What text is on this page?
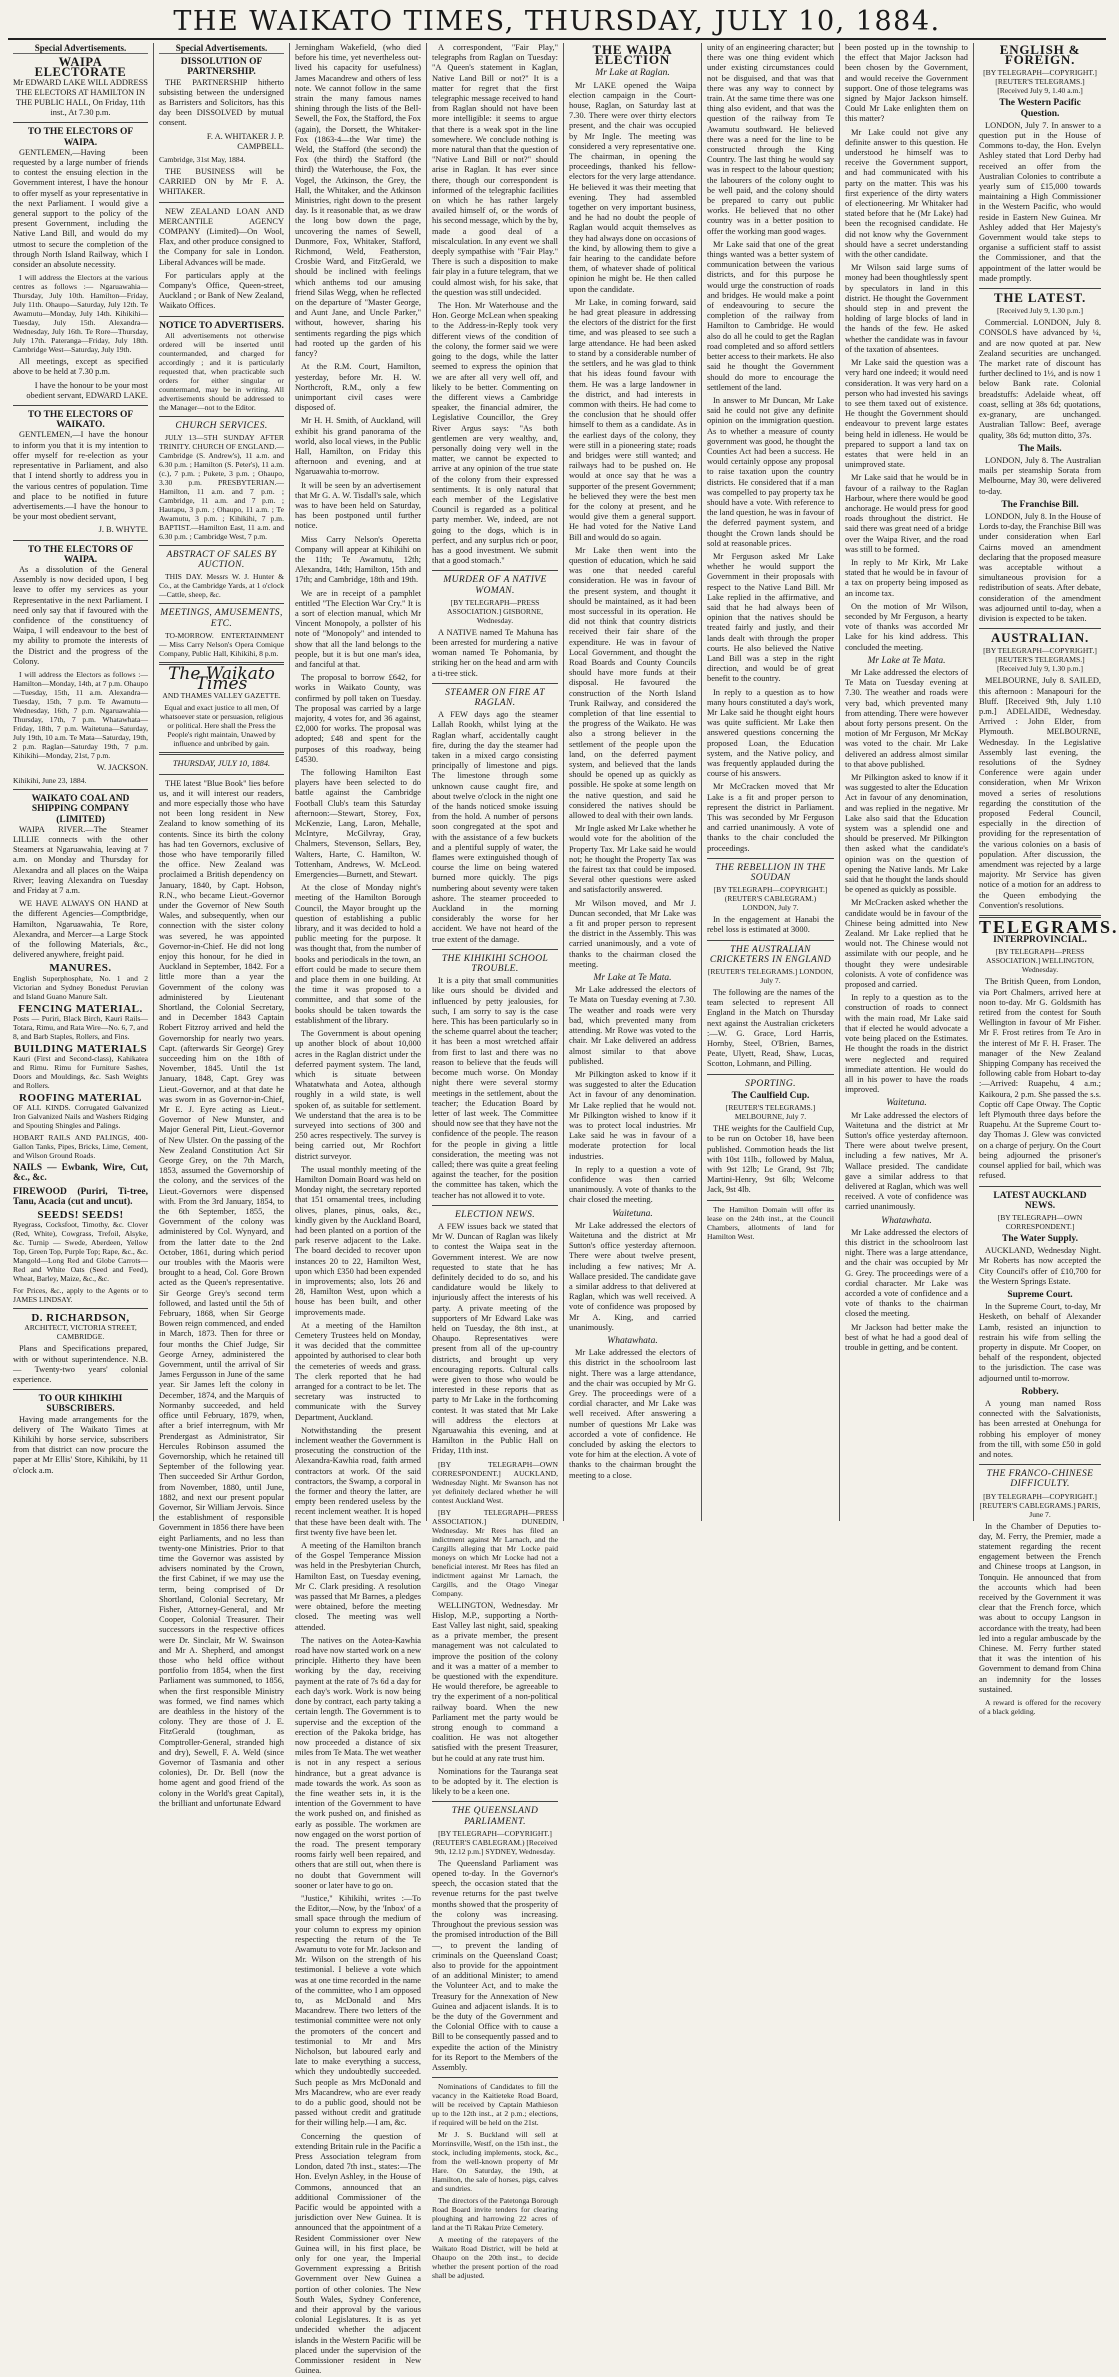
THE WAIKATO TIMES, THURSDAY, JULY 10, 1884.
Special Advertisements.
WAIPA ELECTORATE

Mr EDWARD LAKE WILL ADDRESS THE ELECTORS AT HAMILTON IN THE PUBLIC HALL, On Friday, 11th inst., At 7.30 p.m.

TO THE ELECTORS OF WAIPA.

GENTLEMEN,—Having been requested by a large number of friends to contest the ensuing election in the Government interest, I have the honour to offer myself as your representative in the next Parliament. I would give a general support to the policy of the present Government, including the Native Land Bill, and would do my utmost to secure the completion of the through North Island Railway, which I consider an absolute necessity.

I will address the Electors at the various centres as follows :— Ngaruawahia—Thursday, July 10th. Hamilton—Friday, July 11th. Ohaupo—Saturday, July 12th. Te Awamutu—Monday, July 14th. Kihikihi—Tuesday, July 15th. Alexandra—Wednesday, July 16th. Te Rore—Thursday, July 17th. Pateranga—Friday, July 18th. Cambridge West—Saturday, July 19th.

All meetings, except as specified above to be held at 7.30 p.m.

I have the honour to be your most obedient servant, EDWARD LAKE.

TO THE ELECTORS OF WAIKATO.

GENTLEMEN,—I have the honour to inform you that it is my intention to offer myself for re-election as your representative in Parliament, and also that I intend shortly to address you in the various centres of population. Time and place to be notified in future advertisements.—I have the honour to be your most obedient servant,

J. B. WHYTE.

TO THE ELECTORS OF WAIPA.

As a dissolution of the General Assembly is now decided upon, I beg leave to offer my services as your Representative in the next Parliament. I need only say that if favoured with the confidence of the constituency of Waipa, I will endeavour to the best of my ability to promote the interests of the District and the progress of the Colony.

I will address the Electors as follows :— Hamilton—Monday, 14th, at 7 p.m. Ohaupo—Tuesday, 15th, 11 a.m. Alexandra—Tuesday, 15th, 7 p.m. Te Awamutu—Wednesday, 16th, 7 p.m. Ngaruawahia—Thursday, 17th, 7 p.m. Whatawhata—Friday, 18th, 7 p.m. Waitetuna—Saturday, July 19th, 10 a.m. Te Mata—Saturday, 19th, 2 p.m. Raglan—Saturday 19th, 7 p.m. Kihikihi—Monday, 21st, 7 p.m.

W. JACKSON.

Kihikihi, June 23, 1884.

WAIKATO COAL AND SHIPPING COMPANY (LIMITED)

WAIPA RIVER.—The Steamer LILLIE connects with the other Steamers at Ngaruawahia, leaving at 7 a.m. on Monday and Thursday for Alexandra and all places on the Waipa River; leaving Alexandra on Tuesday and Friday at 7 a.m.

WE HAVE ALWAYS ON HAND at the different Agencies—Comptbridge, Hamilton, Ngaruawahia, Te Rore, Alexandra, and Mercer—a Large Stock of the following Materials, &c., delivered anywhere, freight paid.

MANURES.

English Superphosphate, No. 1 and 2 Victorian and Sydney Bonedust Peruvian and Island Guano Manure Salt.

FENCING MATERIAL.

Posts — Puriri, Black Birch, Kauri Rails—Totara, Rimu, and Rata Wire—No. 6, 7, and 8, and Barb Staples, Rollers, and Fins.

BUILDING MATERIALS

Kauri (First and Second-class), Kahikatea and Rimu. Rimu for Furniture Sashes, Doors and Mouldings, &c. Sash Weights and Rollers.

ROOFING MATERIAL

OF ALL KINDS. Corrugated Galvanized Iron Galvanized Nails and Washers Ridging and Spouting Shingles and Palings.

HOBART RAILS AND PALINGS, 400-Gallon Tanks, Pipes, Bricks, Lime, Cement, and Wilson Ground Roads.

NAILS — Ewbank, Wire, Cut, &c., &c.

FIREWOOD (Puriri, Ti-tree, Tanu, Acacia (cut and uncut).

SEEDS! SEEDS!

Ryegrass, Cocksfoot, Timothy, &c. Clover (Red, White), Cowgrass, Trefoil, Alsyke, &c. Turnip — Swede, Aberdeen, Yellow Top, Green Top, Purple Top; Rape, &c., &c. Mangold—Long Red and Globe Carrots—Red and White Oats (Seed and Feed), Wheat, Barley, Maize, &c., &c.

For Prices, &c., apply to the Agents or to JAMES LINDSAY.

D. RICHARDSON,

ARCHITECT, VICTORIA STREET, CAMBRIDGE.

Plans and Specifications prepared, with or without superintendence. N.B. — Twenty-two years' colonial experience.

TO OUR KIHIKIHI SUBSCRIBERS.

Having made arrangements for the delivery of The Waikato Times at Kihikihi by horse service, subscribers from that district can now procure the paper at Mr Ellis' Store, Kihikihi, by 11 o'clock a.m.

Special Advertisements.
DISSOLUTION OF PARTNERSHIP.

THE PARTNERSHIP hitherto subsisting between the undersigned as Barristers and Solicitors, has this day been DISSOLVED by mutual consent.

F. A. WHITAKER J. P. CAMPBELL.

Cambridge, 31st May, 1884.

THE BUSINESS will be CARRIED ON by Mr F. A. WHITAKER.

NEW ZEALAND LOAN AND MERCANTILE AGENCY COMPANY (Limited)—On Wool, Flax, and other produce consigned to the Company for sale in London. Liberal Advances will be made.

For particulars apply at the Company's Office, Queen-street, Auckland ; or Bank of New Zealand, Waikato Offices.

NOTICE TO ADVERTISERS.

All advertisements not otherwise ordered will be inserted until countermanded, and charged for accordingly ; and it is particularly requested that, when practicable such orders for either singular or countermand, may be in writing. All advertisements should be addressed to the Manager—not to the Editor.

CHURCH SERVICES.

JULY 13—5TH SUNDAY AFTER TRINITY. CHURCH OF ENGLAND.—Cambridge (S. Andrew's), 11 a.m. and 6.30 p.m. ; Hamilton (S. Peter's), 11 a.m. (c.), 7 p.m. ; Pukete, 3 p.m. ; Ohaupo, 3.30 p.m. PRESBYTERIAN.—Hamilton, 11 a.m. and 7 p.m. ; Cambridge, 11 a.m. and 7 p.m. ; Hautapu, 3 p.m. ; Ohaupo, 11 a.m. ; Te Awamutu, 3 p.m. ; Kihikihi, 7 p.m. BAPTIST.—Hamilton East, 11 a.m. and 6.30 p.m. ; Cambridge West, 7 p.m.

ABSTRACT OF SALES BY AUCTION.

THIS DAY. Messrs W. J. Hunter & Co., at the Cambridge Yards, at 1 o'clock—Cattle, sheep, &c.

MEETINGS, AMUSEMENTS, ETC.

TO-MORROW. ENTERTAINMENT — Miss Carry Nelson's Opera Comique Company, Public Hall, Kihikihi, 8 p.m.

The Waikato Times

AND THAMES VALLEY GAZETTE.

Equal and exact justice to all men, Of whatsoever state or persuasion, religious or political. Here shall the Press the People's right maintain, Unawed by influence and unbribed by gain.

THURSDAY, JULY 10, 1884.

THE latest "Blue Book" lies before us, and it will interest our readers, and more especially those who have not been long resident in New Zealand to know something of its contents. Since its birth the colony has had ten Governors, exclusive of those who have temporarily filled the office. New Zealand was proclaimed a British dependency on January, 1840, by Capt. Hobson, R.N., who became Lieut.-Governor under the Governor of New South Wales, and subsequently, when our connection with the sister colony was severed, he was appointed Governor-in-Chief. He did not long enjoy this honour, for he died in Auckland in September, 1842. For a little more than a year the Government of the colony was administered by Lieutenant Shortland, the Colonial Secretary, and in December 1843 Captain Robert Fitzroy arrived and held the Governorship for nearly two years. Capt. (afterwards Sir George) Grey succeeding him on the 18th of November, 1845. Until the 1st January, 1848, Capt. Grey was Lieut.-Governor, and at that date he was sworn in as Governor-in-Chief, Mr E. J. Eyre acting as Lieut.-Governor of New Munster, and Major General Pitt, Lieut.-Governor of New Ulster. On the passing of the New Zealand Constitution Act Sir George Grey, on the 7th March, 1853, assumed the Governorship of the colony, and the services of the Lieut.-Governors were dispensed with. From the 3rd January, 1854, to the 6th September, 1855, the Government of the colony was administered by Col. Wynyard, and from the latter date to the 2nd October, 1861, during which period our troubles with the Maoris were brought to a head, Col. Gore Brown acted as the Queen's representative. Sir George Grey's second term followed, and lasted until the 5th of February, 1868, when Sir George Bowen reign commenced, and ended in March, 1873. Then for three or four months the Chief Judge, Sir George Arney, administered the Government, until the arrival of Sir James Fergusson in June of the same year. Sir James left the colony in December, 1874, and the Marquis of Normanby succeeded, and held office until February, 1879, when, after a brief interregnum, with Mr Prendergast as Administrator, Sir Hercules Robinson assumed the Governorship, which he retained till September of the following year. Then succeeded Sir Arthur Gordon, from November, 1880, until June, 1882, and next our present popular Governor, Sir William Jervois. Since the establishment of responsible Government in 1856 there have been eight Parliaments, and no less than twenty-one Ministries. Prior to that time the Governor was assisted by advisers nominated by the Crown, the first Cabinet, if we may use the term, being comprised of Dr Shortland, Colonial Secretary, Mr Fisher, Attorney-General, and Mr Cooper, Colonial Treasurer. Their successors in the respective offices were Dr. Sinclair, Mr W. Swainson and Mr A. Shepherd, and amongst those who held office without portfolio from 1854, when the first Parliament was summoned, to 1856, when the first responsible Ministry was formed, we find names which are deathless in the history of the colony. They are those of J. E. FitzGerald (toughman, as Comptroller-General, stranded high and dry), Sewell, F. A. Weld (since Governor of Tasmania and other colonies), Dr. Dr. Bell (now the home agent and good friend of the colony in the World's great Capital), the brilliant and unfortunate Edward

Jerningham Wakefield, (who died before his time, yet nevertheless out-lived his capacity for usefulness) James Macandrew and others of less note. We cannot follow in the same strain the many famous names shining through the lists of the Bell-Sewell, the Fox, the Stafford, the Fox (again), the Dorsett, the Whitaker-Fox (1863-4—the War time) the Weld, the Stafford (the second) the Fox (the third) the Stafford (the third) the Waterhouse, the Fox, the Vogel, the Atkinson, the Grey, the Hall, the Whitaker, and the Atkinson Ministries, right down to the present day. Is it reasonable that, as we draw the long bow down the page, uncovering the names of Sewell, Dunmore, Fox, Whitaker, Stafford, Richmond, Weld, Featherston, Crosbie Ward, and FitzGerald, we should be inclined with feelings which anthems tod our amusing friend Silas Wegg, when he reflected on the departure of "Master George, and Aunt Jane, and Uncle Parker," without, however, sharing his sentiments regarding the pigs which had rooted up the garden of his fancy?

At the R.M. Court, Hamilton, yesterday, before Mr. H. W. Northcroft, R.M., only a few unimportant civil cases were disposed of.

Mr H. H. Smith, of Auckland, will exhibit his grand panorama of the world, also local views, in the Public Hall, Hamilton, on Friday this afternoon and evening, and at Ngaruawahia to-morrow.

It will be seen by an advertisement that Mr G. A. W. Tisdall's sale, which was to have been held on Saturday, has been postponed until further notice.

Miss Carry Nelson's Operetta Company will appear at Kihikihi on the 11th; Te Awamutu, 12th; Alexandra, 14th; Hamilton, 15th and 17th; and Cambridge, 18th and 19th.

We are in receipt of a pamphlet entitled "The Election War Cry." It is a sort of election manual, which Mr Vincent Monopoly, a pollster of his note of "Monopoly" and intended to show that all the land belongs to the people, but it is but one man's idea, and fanciful at that.

The proposal to borrow £642, for works in Waikato County, was confirmed by poll taken on Tuesday. The proposal was carried by a large majority, 4 votes for, and 36 against, £2,000 for works. The proposal was adopted; £48 and spent for the purposes of this roadway, being £4530.

The following Hamilton East players have been selected to do battle against the Cambridge Football Club's team this Saturday afternoon:—Stewart, Storey, Fox, McKenzie, Lang, Laron, Mehalle, McIntyre, McGilvray, Gray, Chalmers, Stevenson, Sellars, Bey, Walters, Harte, C. Hamilton, W. Tottenham, Andrews, W. McLeod. Emergencies—Burnett, and Stewart.

At the close of Monday night's meeting of the Hamilton Borough Council, the Mayor brought up the question of establishing a public library, and it was decided to hold a public meeting for the purpose. It was thought that, from the number of books and periodicals in the town, an effort could be made to secure them and place them in one building. At the time it was proposed to a committee, and that some of the books should be taken towards the establishment of the library.

The Government is about opening up another block of about 10,000 acres in the Raglan district under the deferred payment system. The land, which is situate between Whatatwhata and Aotea, although roughly in a wild state, is well spoken of, as suitable for settlement. We understand that the area is to be surveyed into sections of 300 and 250 acres respectively. The survey is being carried out, Mr Rochfort district surveyor.

The usual monthly meeting of the Hamilton Domain Board was held on Monday night, the secretary reported that 151 ornamental trees, including olives, planes, pinus, oaks, &c., kindly given by the Auckland Board, had been planted on a portion of the park reserve adjacent to the Lake. The board decided to recover upon instances 20 to 22, Hamilton West, upon which £350 had been expended in improvements; also, lots 26 and 28, Hamilton West, upon which a house has been built, and other improvements made.

At a meeting of the Hamilton Cemetery Trustees held on Monday, it was decided that the committee appointed by authorised to clear both the cemeteries of weeds and grass. The clerk reported that he had arranged for a contract to be let. The secretary was instructed to communicate with the Survey Department, Auckland.

Notwithstanding the present inclement weather the Government is prosecuting the construction of the Alexandra-Kawhia road, faith armed contractors at work. Of the said contractors, the Swamp, a corporal in the former and theory the latter, are empty been rendered useless by the recent inclement weather. It is hoped that these have been dealt with. The first twenty five have been let.

A meeting of the Hamilton branch of the Gospel Temperance Mission was held in the Presbyterian Church, Hamilton East, on Tuesday evening, Mr C. Clark presiding. A resolution was passed that Mr Barnes, a pledges were obtained, before the meeting closed. The meeting was well attended.

The natives on the Aotea-Kawhia road have now started work on a new principle. Hitherto they have been working by the day, receiving payment at the rate of 7s 6d a day for each day's work. Work is now being done by contract, each party taking a certain length. The Government is to supervise and the exception of the erection of the Pakoka bridge, has now proceeded a distance of six miles from Te Mata. The wet weather is not in any respect a serious hindrance, but a great advance is made towards the work. As soon as the fine weather sets in, it is the intention of the Government to have the work pushed on, and finished as early as possible. The workmen are now engaged on the worst portion of the road. The present temporary rooms fairly well been repaired, and others that are still out, when there is no doubt that Government will sooner or later have to go on.

"Justice," Kihikihi, writes :—To the Editor,—Now, by the 'Inbox' of a small space through the medium of your column to express my opinion respecting the return of the Te Awamutu to vote for Mr. Jackson and Mr. Wilson on the strength of his testimonial. I believe a vote which was at one time recorded in the name of the committee, who I am opposed to, as McDonald and Mrs Macandrew. There two letters of the testimonial committee were not only the promoters of the concert and testimonial to Mr and Mrs Nicholson, but laboured early and late to make everything a success, which they undoubtedly succeeded. Such people as Mrs McDonald and Mrs Macandrew, who are ever ready to do a public good, should not be passed without credit and gratitude for their willing help.—I am, &c.

Concerning the question of extending Britain rule in the Pacific a Press Association telegram from London, dated 7th inst., states:—The Hon. Evelyn Ashley, in the House of Commons, announced that an additional Commissioner of the Pacific would be appointed with a jurisdiction over New Guinea. It is announced that the appointment of a Resident Commissioner over New Guinea will, in his first place, be only for one year, the Imperial Government expressing a British Government over New Guinea a portion of other colonies. The New South Wales, Sydney Conference, and their approval by the various colonial Legislatures. It is as yet undecided whether the adjacent islands in the Western Pacific will be placed under the supervision of the Commissioner resident in New Guinea.

A correspondent, "Fair Play," telegraphs from Raglan on Tuesday: "A Queen's statement in Kaglan, Native Land Bill or not?" It is a matter for regret that the first telegraphic message received to hand from Raglan should not have been more intelligible: it seems to argue that there is a weak spot in the line somewhere. We conclude nothing is more natural than that the question of "Native Land Bill or not?" should arise in Raglan. It has ever since there, though our correspondent is informed of the telegraphic facilities on which he has rather largely availed himself of, or the words of his second message, which by the by, made a good deal of a miscalculation. In any event we shall deeply sympathise with "Fair Play." There is such a disposition to make fair play in a future telegram, that we could almost wish, for his sake, that the question was still undecided.

The Hon. Mr Waterhouse and the Hon. George McLean when speaking to the Address-in-Reply took very different views of the condition of the colony, the former said we were going to the dogs, while the latter seemed to express the opinion that we are after all very well off, and likely to be better. Commenting on the different views a Cambridge speaker, the financial admirer, the Legislative Councillor, the Grey River Argus says: "As both gentlemen are very wealthy, and, personally doing very well in the matter, we cannot be expected to arrive at any opinion of the true state of the colony from their expressed sentiments. It is only natural that each member of the Legislative Council is regarded as a political party member. We, indeed, are not going to the dogs, which is in perfect, and any surplus rich or poor, has a good investment. We submit that a good stomach."

MURDER OF A NATIVE WOMAN.

[BY TELEGRAPH—PRESS ASSOCIATION.] GISBORNE, Wednesday.

A NATIVE named Te Mahuna has been arrested for murdering a native woman named Te Pohomania, by striking her on the head and arm with a ti-tree stick.

STEAMER ON FIRE AT RAGLAN.

A FEW days ago the steamer Lallah Rookh, whilst lying at the Raglan wharf, accidentally caught fire, during the day the steamer had taken in a mixed cargo consisting principally of limestone and pigs. The limestone through some unknown cause caught fire, and about twelve o'clock in the night one of the hands noticed smoke issuing from the hold. A number of persons soon congregated at the spot and with the assistance of a few buckets and a plentiful supply of water, the flames were extinguished though of course the lime on being watered burned more quickly. The pigs numbering about seventy were taken ashore. The steamer proceeded to Auckland in the morning considerably the worse for her accident. We have not heard of the true extent of the damage.

THE KIHIKIHI SCHOOL TROUBLE.

It is a pity that small communities like ours should be divided and influenced by petty jealousies, for such, I am sorry to say is the case here. This has been particularly so in the scheme quarrel about the teacher; it has been a most wretched affair from first to last and there was no reason to believe that the feuds will become much worse. On Monday night there were several stormy meetings in the settlement, about the teacher; the Education Board by letter of last week. The Committee should now see that they have not the confidence of the people. The reason for the people in giving a little consideration, the meeting was not called; there was quite a great feeling against the teacher, for the position the committee has taken, which the teacher has not allowed it to vote.

ELECTION NEWS.

A FEW issues back we stated that Mr W. Duncan of Raglan was likely to contest the Waipa seat in the Government interest. We are now requested to state that he has definitely decided to do so, and his candidature would be likely to injuriously affect the interests of his party. A private meeting of the supporters of Mr Edward Lake was held on Tuesday, the 8th inst., at Ohaupo. Representatives were present from all of the up-country districts, and brought up very encouraging reports. Cultural calls were given to those who would be interested in these reports that as party to Mr Lake in the forthcoming contest. It was stated that Mr Lake will address the electors at Ngaruawahia this evening, and at Hamilton in the Public Hall on Friday, 11th inst.

[BY TELEGRAPH—OWN CORRESPONDENT.] AUCKLAND, Wednesday Night. Mr Swanson has not yet definitely declared whether he will contest Auckland West.

[BY TELEGRAPH—PRESS ASSOCIATION.] DUNEDIN, Wednesday. Mr Rees has filed an indictment against Mr Larnach, and the Cargills alleging that Mr Locke paid moneys on which Mr Locke had not a beneficial interest. Mr Rees has filed an indictment against Mr Larnach, the Cargills, and the Otago Vinegar Company.

WELLINGTON, Wednesday. Mr Hislop, M.P., supporting a North-East Valley last night, said, speaking as a private member, the present management was not calculated to improve the position of the colony and it was a matter of a member to be questioned with the expenditure. He would therefore, be agreeable to try the experiment of a non-political railway board. When the new Parliament met the party would be strong enough to command a coalition. He was not altogether satisfied with the present Treasurer, but he could at any rate trust him.

Nominations for the Tauranga seat to be adopted by it. The election is likely to be a keen one.

THE QUEENSLAND PARLIAMENT.

[BY TELEGRAPH—COPYRIGHT.] (REUTER'S CABLEGRAM.) [Received 9th, 12.12 p.m.] SYDNEY, Wednesday.

The Queensland Parliament was opened to-day. In the Governor's speech, the occasion stated that the revenue returns for the past twelve months showed that the prosperity of the colony was increasing. Throughout the previous session was the promised introduction of the Bill—, to prevent the landing of criminals on the Queensland Coast; also to provide for the appointment of an additional Minister; to amend the Volunteer Act, and to make the Treasury for the Annexation of New Guinea and adjacent islands. It is to be the duty of the Government and the Colonial Office with to cause a Bill to be consequently passed and to expedite the action of the Ministry for its Report to the Members of the Assembly.

Nominations of Candidates to fill the vacancy in the Kaitieteke Road Board, will be received by Captain Mathieson up to the 12th inst., at 2 p.m.; elections, if required will be held on the 21st.

Mr J. S. Buckland will sell at Morrinsville, Westf, on the 15th inst., the stock, including implements, stock, &c., from the well-known property of Mr Hare. On Saturday, the 19th, at Hamilton, the sale of horses, pigs, calves and sundries.

The directors of the Patetonga Borough Road Board invite tenders for clearing ploughing and harrowing 22 acres of land at the Ti Rakau Prize Cemetery.

A meeting of the ratepayers of the Waikato Road District, will be held at Ohaupo on the 20th inst., to decide whether the present portion of the road shall be adjusted.

THE WAIPA ELECTION
Mr Lake at Raglan.

Mr LAKE opened the Waipa election campaign in the Court-house, Raglan, on Saturday last at 7.30. There were over thirty electors present, and the chair was occupied by Mr Ingle. The meeting was considered a very representative one. The chairman, in opening the proceedings, thanked his fellow-electors for the very large attendance. He believed it was their meeting that evening. They had assembled together on very important business, and he had no doubt the people of Raglan would acquit themselves as they had always done on occasions of the kind, by allowing them to give a fair hearing to the candidate before them, of whatever shade of political opinion he might be. He then called upon the candidate.

Mr Lake, in coming forward, said he had great pleasure in addressing the electors of the district for the first time, and was pleased to see such a large attendance. He had been asked to stand by a considerable number of the settlers, and he was glad to think that his ideas found favour with them. He was a large landowner in the district, and had interests in common with theirs. He had come to the conclusion that he should offer himself to them as a candidate. As in the earliest days of the colony, they were still in a pioneering state; roads and bridges were still wanted; and railways had to be pushed on. He would at once say that he was a supporter of the present Government; he believed they were the best men for the colony at present, and he would give them a general support. He had voted for the Native Land Bill and would do so again.

Mr Lake then went into the question of education, which he said was one that needed careful consideration. He was in favour of the present system, and thought it should be maintained, as it had been most successful in its operation. He did not think that country districts received their fair share of the expenditure. He was in favour of Local Government, and thought the Road Boards and County Councils should have more funds at their disposal. He favoured the construction of the North Island Trunk Railway, and considered the completion of that line essential to the progress of the Waikato. He was also a strong believer in the settlement of the people upon the land, on the deferred payment system, and believed that the lands should be opened up as quickly as possible. He spoke at some length on the native question, and said he considered the natives should be allowed to deal with their own lands.

Mr Ingle asked Mr Lake whether he would vote for the abolition of the Property Tax. Mr Lake said he would not; he thought the Property Tax was the fairest tax that could be imposed. Several other questions were asked and satisfactorily answered.

Mr Wilson moved, and Mr J. Duncan seconded, that Mr Lake was a fit and proper person to represent the district in the Assembly. This was carried unanimously, and a vote of thanks to the chairman closed the meeting.

Mr Lake at Te Mata.

Mr Lake addressed the electors of Te Mata on Tuesday evening at 7.30. The weather and roads were very bad, which prevented many from attending. Mr Rowe was voted to the chair. Mr Lake delivered an address almost similar to that above published.

Mr Pilkington asked to know if it was suggested to alter the Education Act in favour of any denomination. Mr Lake replied that he would not. Mr Pilkington wished to know if it was to protect local industries. Mr Lake said he was in favour of a moderate protection for local industries.

In reply to a question a vote of confidence was then carried unanimously. A vote of thanks to the chair closed the meeting.

Waitetuna.

Mr Lake addressed the electors of Waitetuna and the district at Mr Sutton's office yesterday afternoon. There were about twelve present, including a few natives; Mr A. Wallace presided. The candidate gave a similar address to that delivered at Raglan, which was well received. A vote of confidence was proposed by Mr A. King, and carried unanimously.

Whatawhata.

Mr Lake addressed the electors of this district in the schoolroom last night. There was a large attendance, and the chair was occupied by Mr G. Grey. The proceedings were of a cordial character, and Mr Lake was well received. After answering a number of questions Mr Lake was accorded a vote of confidence. He concluded by asking the electors to vote for him at the election. A vote of thanks to the chairman brought the meeting to a close.

unity of an engineering character; but there was one thing evident which under existing circumstances could not be disguised, and that was that there was any way to connect by train. At the same time there was one thing also evident, and that was the question of the railway from Te Awamutu southward. He believed there was a need for the line to be constructed through the King Country. The last thing he would say was in respect to the labour question; the labourers of the colony ought to be well paid, and the colony should be prepared to carry out public works. He believed that no other country was in a better position to offer the working man good wages.

Mr Lake said that one of the great things wanted was a better system of communication between the various districts, and for this purpose he would urge the construction of roads and bridges. He would make a point of endeavouring to secure the completion of the railway from Hamilton to Cambridge. He would also do all he could to get the Raglan road completed and so afford settlers better access to their markets. He also said he thought the Government should do more to encourage the settlement of the land.

In answer to Mr Duncan, Mr Lake said he could not give any definite opinion on the immigration question. As to whether a measure of county government was good, he thought the Counties Act had been a success. He would certainly oppose any proposal to raise taxation upon the country districts. He considered that if a man was compelled to pay property tax he should have a vote. With reference to the land question, he was in favour of the deferred payment system, and thought the Crown lands should be sold at reasonable prices.

Mr Ferguson asked Mr Lake whether he would support the Government in their proposals with respect to the Native Land Bill. Mr Lake replied in the affirmative, and said that he had always been of opinion that the natives should be treated fairly and justly, and their lands dealt with through the proper courts. He also believed the Native Land Bill was a step in the right direction, and would be of great benefit to the country.

In reply to a question as to how many hours constituted a day's work, Mr Lake said he thought eight hours was quite sufficient. Mr Lake then answered questions concerning the proposed Loan, the Education system, and the Native policy, and was frequently applauded during the course of his answers.

Mr McCracken moved that Mr Lake is a fit and proper person to represent the district in Parliament. This was seconded by Mr Ferguson and carried unanimously. A vote of thanks to the chair concluded the proceedings.

THE REBELLION IN THE SOUDAN

[BY TELEGRAPH—COPYRIGHT.] (REUTER'S CABLEGRAM.) LONDON, July 7.

In the engagement at Hanabi the rebel loss is estimated at 3000.

THE AUSTRALIAN CRICKETERS IN ENGLAND

[REUTER'S TELEGRAMS.] LONDON, July 7.

The following are the names of the team selected to represent All England in the Match on Thursday next against the Australian cricketers :—W. G. Grace, Lord Harris, Hornby, Steel, O'Brien, Barnes, Peate, Ulyett, Read, Shaw, Lucas, Scotton, Lohmann, and Pilling.

SPORTING.
The Caulfield Cup.

[REUTER'S TELEGRAMS.] MELBOURNE, July 7.

THE weights for the Caulfield Cup, to be run on October 18, have been published. Commotion heads the list with 10st 11lb., followed by Malua, with 9st 12lb; Le Grand, 9st 7lb; Martini-Henry, 9st 6lb; Welcome Jack, 9st 4lb.

The Hamilton Domain will offer its lease on the 24th inst., at the Council Chambers, allotments of land for Hamilton West.

been posted up in the township to the effect that Major Jackson had been chosen by the Government, and would receive the Government support. One of those telegrams was signed by Major Jackson himself. Could Mr Lake enlighten them on this matter?

Mr Lake could not give any definite answer to this question. He understood he himself was to receive the Government support, and had communicated with his party on the matter. This was his first experience of the dirty waters of electioneering. Mr Whitaker had stated before that he (Mr Lake) had been the recognised candidate. He did not know why the Government should have a secret understanding with the other candidate.

Mr Wilson said large sums of money had been thoughtlessly spent by speculators in land in this district. He thought the Government should step in and prevent the holding of large blocks of land in the hands of the few. He asked whether the candidate was in favour of the taxation of absentees.

Mr Lake said the question was a very hard one indeed; it would need consideration. It was very hard on a person who had invested his savings to see them taxed out of existence. He thought the Government should endeavour to prevent large estates being held in idleness. He would be prepared to support a land tax on estates that were held in an unimproved state.

Mr Lake said that he would be in favour of a railway to the Raglan Harbour, where there would be good anchorage. He would press for good roads throughout the district. He said there was great need of a bridge over the Waipa River, and the road was still to be formed.

In reply to Mr Kirk, Mr Lake stated that he would be in favour of a tax on property being imposed as an income tax.

On the motion of Mr Wilson, seconded by Mr Ferguson, a hearty vote of thanks was accorded Mr Lake for his kind address. This concluded the meeting.

Mr Lake at Te Mata.

Mr Lake addressed the electors of Te Mata on Tuesday evening at 7.30. The weather and roads were very bad, which prevented many from attending. There were however about forty persons present. On the motion of Mr Ferguson, Mr McKay was voted to the chair. Mr Lake delivered an address almost similar to that above published.

Mr Pilkington asked to know if it was suggested to alter the Education Act in favour of any denomination, and was replied in the negative. Mr Lake also said that the Education system was a splendid one and should be preserved. Mr Pilkington then asked what the candidate's opinion was on the question of opening the Native lands. Mr Lake said that he thought the lands should be opened as quickly as possible.

Mr McCracken asked whether the candidate would be in favour of the Chinese being admitted into New Zealand. Mr Lake replied that he would not. The Chinese would not assimilate with our people, and he thought they were undesirable colonists. A vote of confidence was proposed and carried.

In reply to a question as to the construction of roads to connect with the main road, Mr Lake said that if elected he would advocate a vote being placed on the Estimates. He thought the roads in the district were neglected and required immediate attention. He would do all in his power to have the roads improved.

Waitetuna.

Mr Lake addressed the electors of Waitetuna and the district at Mr Sutton's office yesterday afternoon. There were about twelve present, including a few natives, Mr A. Wallace presided. The candidate gave a similar address to that delivered at Raglan, which was well received. A vote of confidence was carried unanimously.

Whatawhata.

Mr Lake addressed the electors of this district in the schoolroom last night. There was a large attendance, and the chair was occupied by Mr G. Grey. The proceedings were of a cordial character. Mr Lake was accorded a vote of confidence and a vote of thanks to the chairman closed the meeting.

Mr Jackson had better make the best of what he had a good deal of trouble in getting, and be content.

ENGLISH & FOREIGN.

[BY TELEGRAPH—COPYRIGHT.] [REUTER'S TELEGRAMS.] [Received July 9, 1.40 a.m.]

The Western Pacific Question.

LONDON, July 7. In answer to a question put in the House of Commons to-day, the Hon. Evelyn Ashley stated that Lord Derby had received an offer from the Australian Colonies to contribute a yearly sum of £15,000 towards maintaining a High Commissioner in the Western Pacific, who would reside in Eastern New Guinea. Mr Ashley added that Her Majesty's Government would take steps to organise a sufficient staff to assist the Commissioner, and that the appointment of the latter would be made promptly.

THE LATEST.

[Received July 9, 1.30 p.m.]

Commercial. LONDON, July 8. CONSOLS have advanced by ¼, and are now quoted at par. New Zealand securities are unchanged. The market rate of discount has further declined to 1½, and is now 1 below Bank rate. Colonial breadstuffs: Adelaide wheat, off coast, selling at 38s 6d; quotations, ex-granary, are unchanged. Australian Tallow: Beef, average quality, 38s 6d; mutton ditto, 37s.

The Mails.

LONDON, July 8. The Australian mails per steamship Sorata from Melbourne, May 30, were delivered to-day.

The Franchise Bill.

LONDON, July 8. In the House of Lords to-day, the Franchise Bill was under consideration when Earl Cairns moved an amendment declaring that the proposed measure was acceptable without a simultaneous provision for a redistribution of seats. After debate, consideration of the amendment was adjourned until to-day, when a division is expected to be taken.

AUSTRALIAN.

[BY TELEGRAPH—COPYRIGHT.] [REUTER'S TELEGRAMS.] [Received July 9, 1.30 p.m.]

MELBOURNE, July 8. SAILED, this afternoon : Manapouri for the Bluff. [Received 9th, July 1.10 p.m.] ADELAIDE, Wednesday. Arrived : John Elder, from Plymouth. MELBOURNE, Wednesday. In the Legislative Assembly last evening, the resolutions of the Sydney Conference were again under consideration, when Mr Wrixon moved a series of resolutions regarding the constitution of the proposed Federal Council, especially in the direction of providing for the representation of the various colonies on a basis of population. After discussion, the amendment was rejected by a large majority. Mr Service has given notice of a motion for an address to the Queen embodying the Convention's resolutions.

TELEGRAMS.
INTERPROVINCIAL.

[BY TELEGRAPH—PRESS ASSOCIATION.] WELLINGTON, Wednesday.

The British Queen, from London, via Port Chalmers, arrived here at noon to-day. Mr G. Goldsmith has retired from the contest for South Wellington in favour of Mr Fisher. Mr F. Frost retires from Te Aro in the interest of Mr F. H. Fraser. The manager of the New Zealand Shipping Company has received the following cable from Hobart to-day :—Arrived: Ruapehu, 4 a.m.; Kaikoura, 2 p.m. She passed the s.s. Coptic off Cape Otway. The Coptic left Plymouth three days before the Ruapehu. At the Supreme Court to-day Thomas J. Glew was convicted on a charge of perjury. On the Court being adjourned the prisoner's counsel applied for bail, which was refused.

LATEST AUCKLAND NEWS.

[BY TELEGRAPH—OWN CORRESPONDENT.]

The Water Supply.

AUCKLAND, Wednesday Night. Mr Roberts has now accepted the City Council's offer of £10,700 for the Western Springs Estate.

Supreme Court.

In the Supreme Court, to-day, Mr Hesketh, on behalf of Alexander Lamb, resisted an injunction to restrain his wife from selling the property in dispute. Mr Cooper, on behalf of the respondent, objected to the jurisdiction. The case was adjourned until to-morrow.

Robbery.

A young man named Ross connected with the Salvationists, has been arrested at Onehunga for robbing his employer of money from the till, with some £50 in gold and notes.

THE FRANCO-CHINESE DIFFICULTY.

[BY TELEGRAPH—COPYRIGHT.] [REUTER'S CABLEGRAMS.] PARIS, June 7.

In the Chamber of Deputies to-day, M. Ferry, the Premier, made a statement regarding the recent engagement between the French and Chinese troops at Langson, in Tonquin. He announced that from the accounts which had been received by the Government it was clear that the French force, which was about to occupy Langson in accordance with the treaty, had been led into a regular ambuscade by the Chinese. M. Ferry further stated that it was the intention of his Government to demand from China an indemnity for the losses sustained.

A reward is offered for the recovery of a black gelding.
